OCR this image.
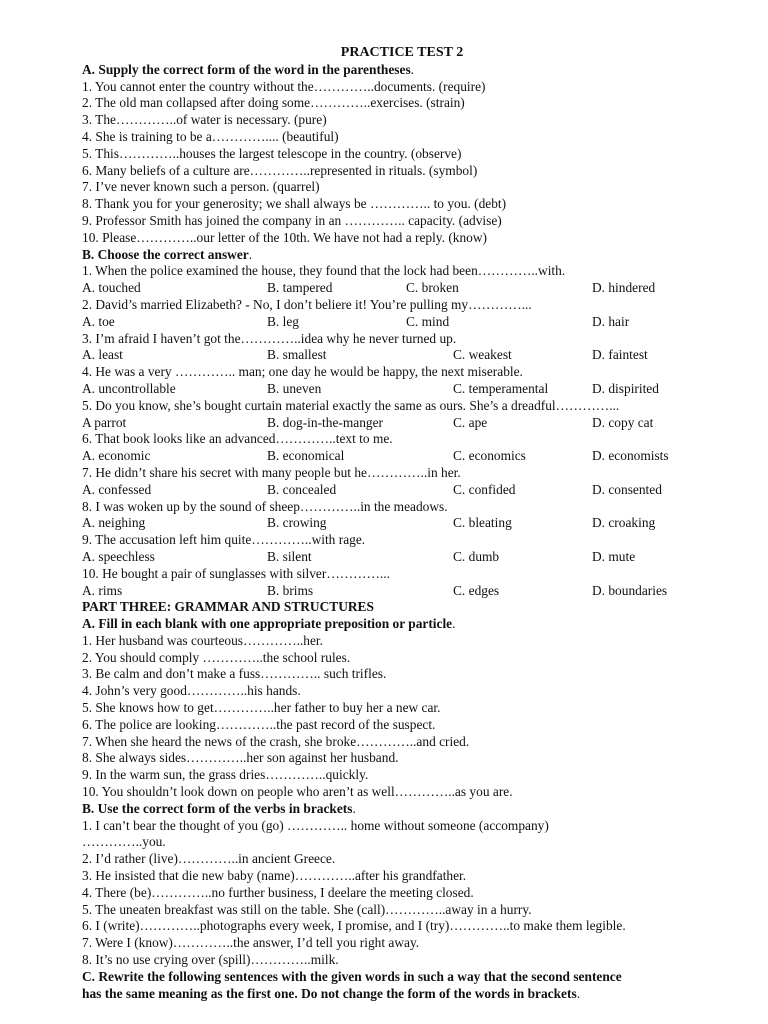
PRACTICE TEST 2
A. Supply the correct form of the word in the parentheses.
1. You cannot enter the country without the…………..documents. (require)
2. The old man collapsed after doing some…………..exercises. (strain)
3. The…………..of water is necessary. (pure)
4. She is training to be a………….... (beautiful)
5. This…………..houses the largest telescope in the country. (observe)
6. Many beliefs of a culture are…………..represented in rituals. (symbol)
7. I’ve never known such a person. (quarrel)
8. Thank you for your generosity; we shall always be ………….. to you. (debt)
9. Professor Smith has joined the company in an ………….. capacity. (advise)
10. Please…………..our letter of the 10th. We have not had a reply. (know)
B. Choose the correct answer.
1. When the police examined the house, they found that the lock had been…………..with.
A. touched	B. tampered	C. broken	D. hindered
2. David’s married Elizabeth? - No, I don’t beliere it! You’re pulling my…………...
A. toe	B. leg	C. mind	D. hair
3. I’m afraid I haven’t got the…………..idea why he never turned up.
A. least	B. smallest	C. weakest	D. faintest
4. He was a very ………….. man; one day he would be happy, the next miserable.
A. uncontrollable	B. uneven	C. temperamental	D. dispirited
5. Do you know, she’s bought curtain material exactly the same as ours. She’s a dreadful…………...
A parrot	B. dog-in-the-manger	C. ape	D. copy cat
6. That book looks like an advanced…………..text to me.
A. economic	B. economical	C. economics	D. economists
7. He didn’t share his secret with many people but he…………..in her.
A. confessed	B. concealed	C. confided	D. consented
8. I was woken up by the sound of sheep…………..in the meadows.
A. neighing	B. crowing	C. bleating	D. croaking
9. The accusation left him quite…………..with rage.
A. speechless	B. silent	C. dumb	D. mute
10. He bought a pair of sunglasses with silver…………...
A. rims	B. brims	C. edges	D. boundaries
PART THREE: GRAMMAR AND STRUCTURES
A. Fill in each blank with one appropriate preposition or particle.
1. Her husband was courteous…………..her.
2. You should comply …………..the school rules.
3. Be calm and don’t make a fuss………….. such trifles.
4. John’s very good…………..his hands.
5. She knows how to get…………..her father to buy her a new car.
6. The police are looking…………..the past record of the suspect.
7. When she heard the news of the crash, she broke…………..and cried.
8. She always sides…………..her son against her husband.
9. In the warm sun, the grass dries…………..quickly.
10. You shouldn’t look down on people who aren’t as well…………..as you are.
B. Use the correct form of the verbs in brackets.
1. I can’t bear the thought of you (go) ………….. home without someone (accompany)
…………..you.
2. I’d rather (live)…………..in ancient Greece.
3. He insisted that die new baby (name)…………..after his grandfather.
4. There (be)…………..no further business, I deelare the meeting closed.
5. The uneaten breakfast was still on the table. She (call)…………..away in a hurry.
6. I (write)…………..photographs every week, I promise, and I (try)…………..to make them legible.
7. Were I (know)…………..the answer, I’d tell you right away.
8. It’s no use crying over (spill)…………..milk.
C. Rewrite the following sentences with the given words in such a way that the second sentence
has the same meaning as the first one. Do not change the form of the words in brackets.
